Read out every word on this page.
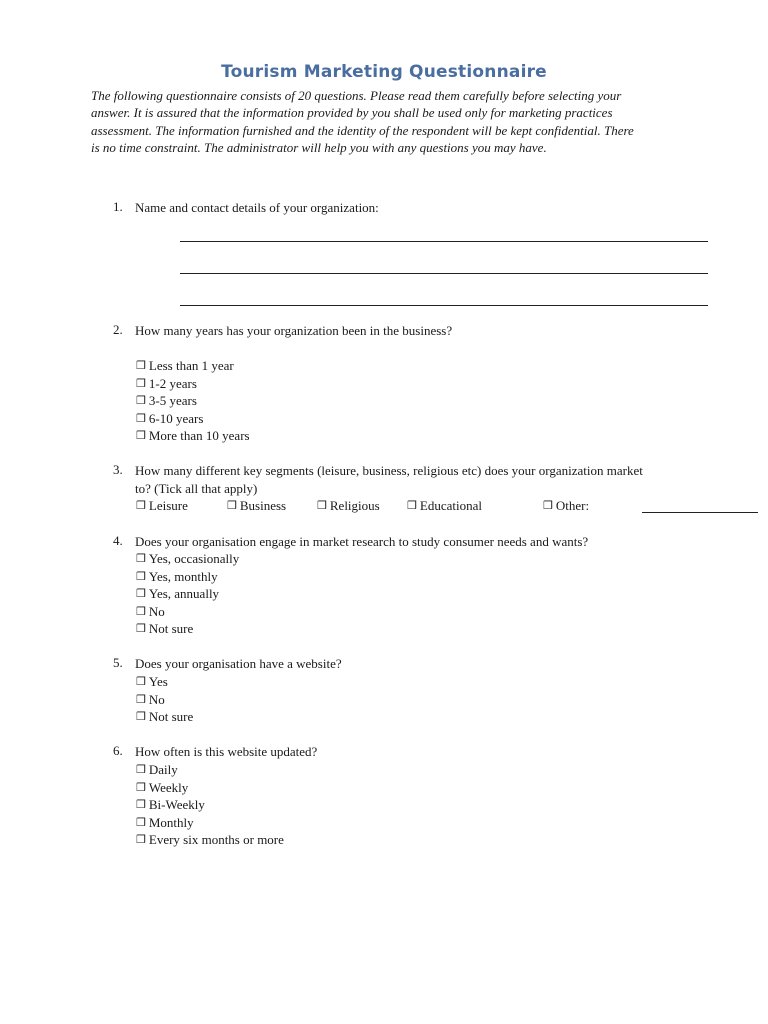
Tourism Marketing Questionnaire
The following questionnaire consists of 20 questions. Please read them carefully before selecting your
answer. It is assured that the information provided by you shall be used only for marketing practices
assessment. The information furnished and the identity of the respondent will be kept confidential. There
is no time constraint. The administrator will help you with any questions you may have.
1. Name and contact details of your organization:
2. How many years has your organization been in the business?
❒ Less than 1 year
❒ 1-2 years
❒ 3-5 years
❒ 6-10 years
❒ More than 10 years
3. How many different key segments (leisure, business, religious etc) does your organization market
to? (Tick all that apply)
❒ Leisure	❒ Business	❒ Religious ❒ Educational	❒ Other:
4. Does your organisation engage in market research to study consumer needs and wants?
❒ Yes, occasionally
❒ Yes, monthly
❒ Yes, annually
❒ No
❒ Not sure
5. Does your organisation have a website?
❒ Yes
❒ No
❒ Not sure
6. How often is this website updated?
❒ Daily
❒ Weekly
❒ Bi-Weekly
❒ Monthly
❒ Every six months or more
